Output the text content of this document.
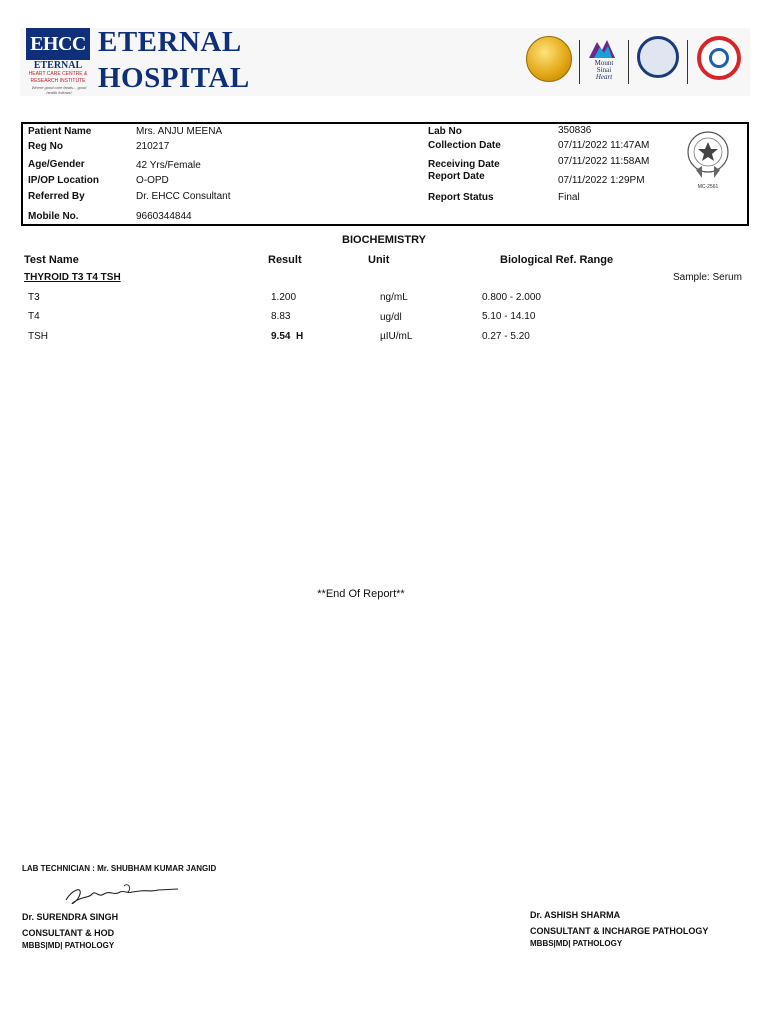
EHCC
ETERNAL
HEART CARE CENTRE & RESEARCH INSTITUTE
Where good care leads... good health follows!
ETERNAL
HOSPITAL	Mount
Sinai
Heart
Patient Name	Mrs. ANJU MEENA
Reg No	210217
Age/Gender	42 Yrs/Female
IP/OP Location	O-OPD
Referred By	Dr. EHCC Consultant
Mobile No.	9660344844
Lab No	350836
Collection Date	07/11/2022 11:47AM
Receiving Date	07/11/2022 11:58AM
Report Date	07/11/2022 1:29PM
Report Status	Final
MC-2561
BIOCHEMISTRY
Test Name	Result	Unit	Biological Ref. Range
THYROID T3 T4 TSH	Sample: Serum
T3	1.200	ng/mL	0.800 - 2.000
T4	8.83	ug/dl	5.10 - 14.10
TSH	9.54  H	µIU/mL	0.27 - 5.20
**End Of Report**
LAB TECHNICIAN : Mr. SHUBHAM KUMAR JANGID
Dr. SURENDRA SINGH
CONSULTANT & HOD
MBBS|MD| PATHOLOGY
Dr. ASHISH SHARMA
CONSULTANT & INCHARGE PATHOLOGY
MBBS|MD| PATHOLOGY
